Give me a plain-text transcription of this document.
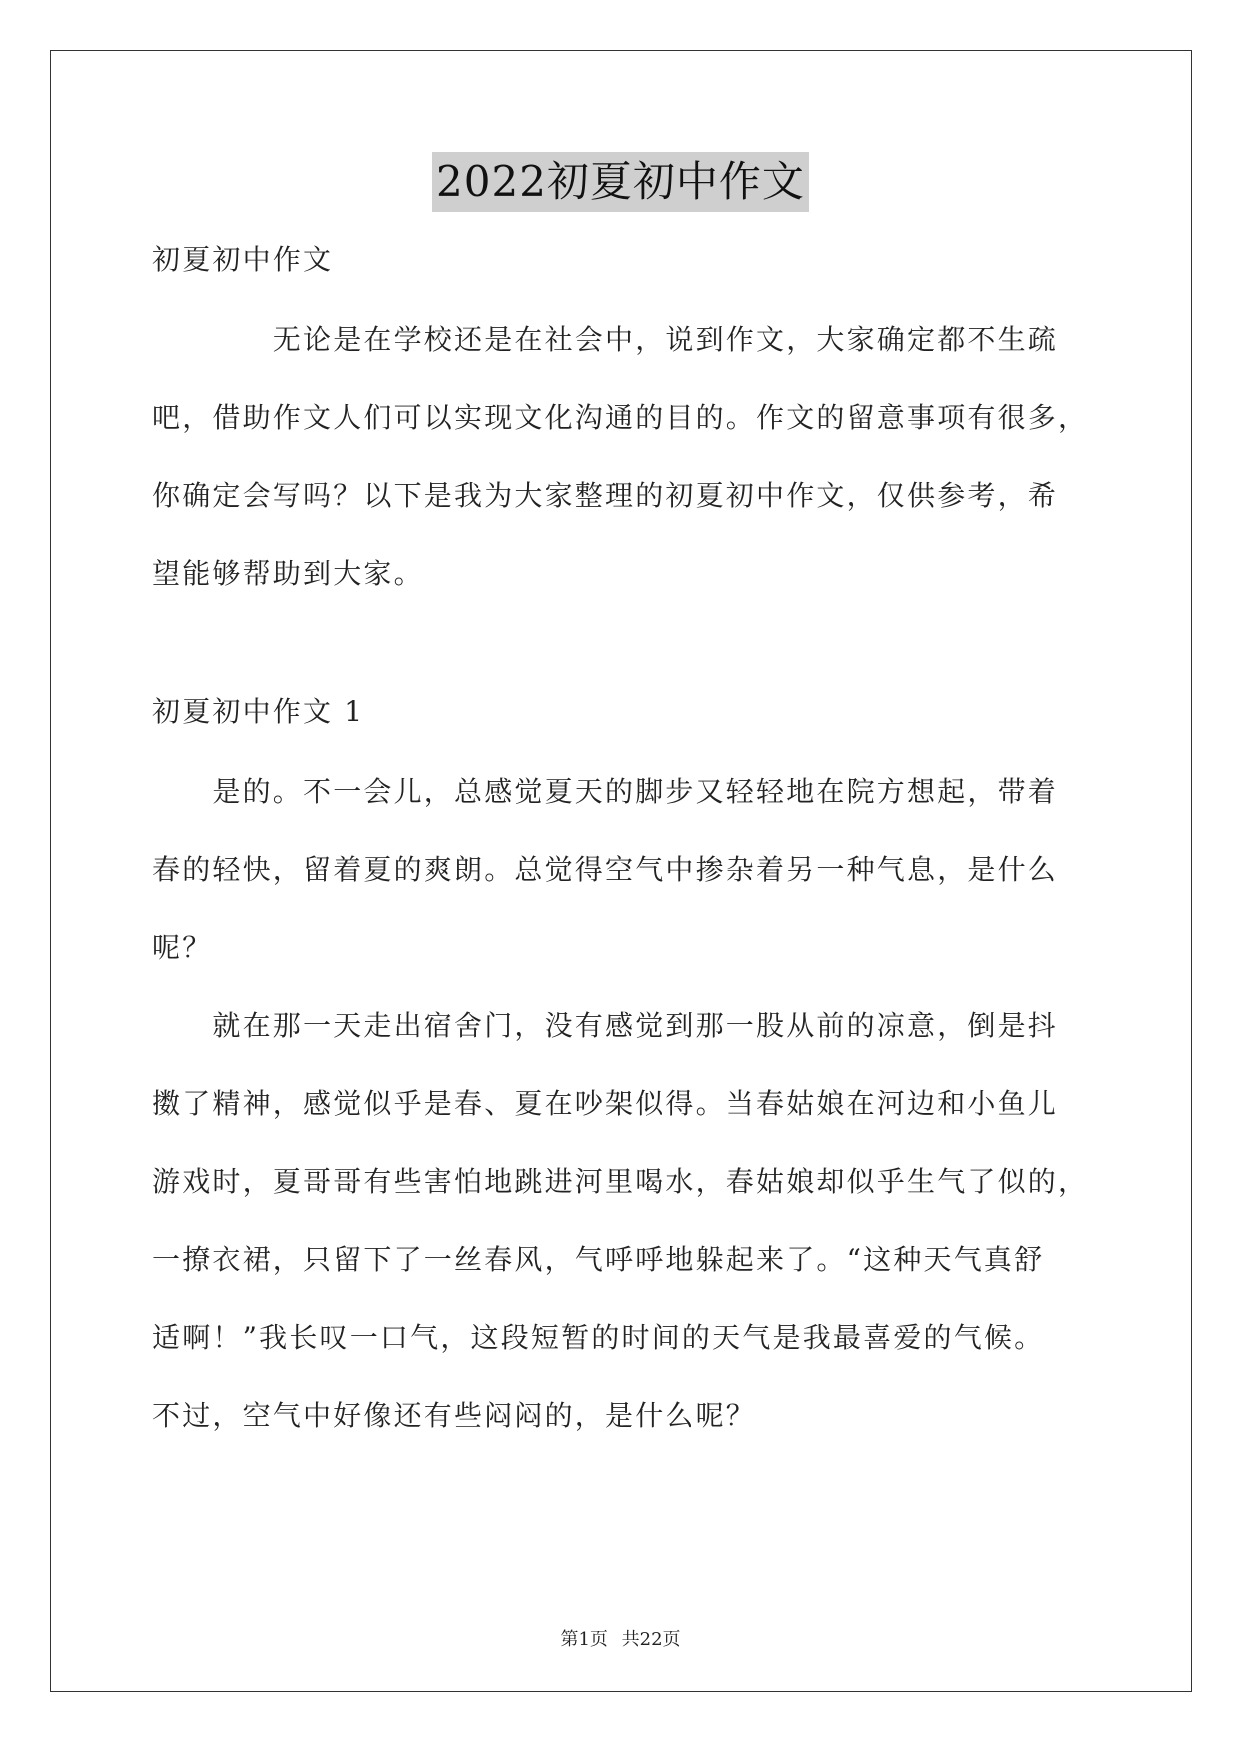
2022初夏初中作文
初夏初中作文
　　　　无论是在学校还是在社会中，说到作文，大家确定都不生疏
吧，借助作文人们可以实现文化沟通的目的。作文的留意事项有很多，
你确定会写吗？以下是我为大家整理的初夏初中作文，仅供参考，希
望能够帮助到大家。
初夏初中作文 1
　　是的。不一会儿，总感觉夏天的脚步又轻轻地在院方想起，带着
春的轻快，留着夏的爽朗。总觉得空气中掺杂着另一种气息，是什么
呢？
　　就在那一天走出宿舍门，没有感觉到那一股从前的凉意，倒是抖
擞了精神，感觉似乎是春、夏在吵架似得。当春姑娘在河边和小鱼儿
游戏时，夏哥哥有些害怕地跳进河里喝水，春姑娘却似乎生气了似的，
一撩衣裙，只留下了一丝春风，气呼呼地躲起来了。“这种天气真舒
适啊！”我长叹一口气，这段短暂的时间的天气是我最喜爱的气候。
不过，空气中好像还有些闷闷的，是什么呢？
第1页 共22页
